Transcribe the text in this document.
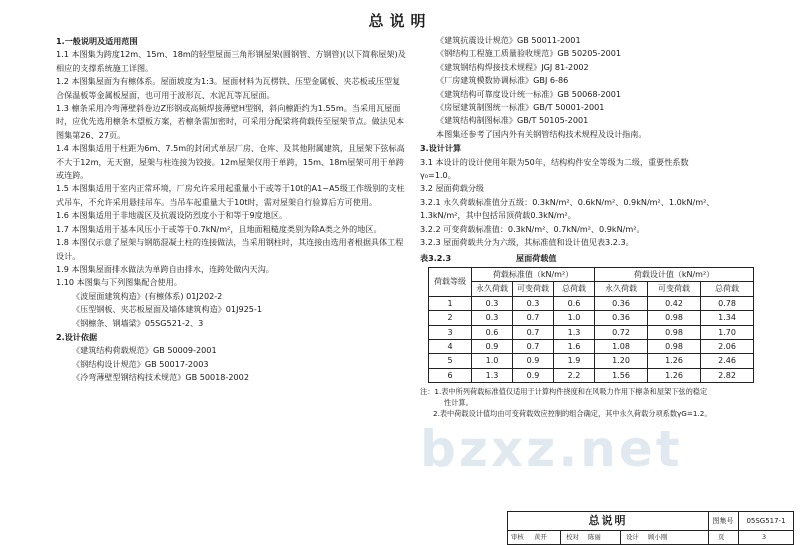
总说明

1.一般说明及适用范围

1.1 本图集为跨度12m、15m、18m的轻型屋面三角形钢屋架(圆钢管、方钢管)(以下简称屋架)及相应的支撑系统施工详图。

1.2 本图集屋面为有檩体系。屋面坡度为1:3。屋面材料为瓦楞铁、压型金属板、夹芯板或压型复合保温板等金属板屋面，也可用于波形瓦、水泥瓦等瓦屋面。

1.3 檩条采用冷弯薄壁斜卷边Z形钢或高频焊接薄壁H型钢，斜向檩距约为1.55m。当采用瓦屋面时，应优先选用檩条木望板方案，若檩条需加密时，可采用分配梁将荷载传至屋架节点。做法见本图集第26、27页。

1.4 本图集适用于柱距为6m、7.5m的封闭式单层厂房、仓库、及其他附属建筑，且屋架下弦标高不大于12m，无天窗，屋架与柱连接为铰接。12m屋架仅用于单跨，15m、18m屋架可用于单跨或连跨。

1.5 本图集适用于室内正常环境，厂房允许采用起重量小于或等于10t的A1~A5级工作级别的支柱式吊车，不允许采用悬挂吊车。当吊车起重量大于10t时，需对屋架自行验算后方可使用。

1.6 本图集适用于非地震区及抗震设防烈度小于和等于9度地区。

1.7 本图集适用于基本风压小于或等于0.7kN/m²，且地面粗糙度类别为除A类之外的地区。

1.8 本图仅示意了屋架与钢筋混凝土柱的连接做法，当采用钢柱时，其连接由选用者根据具体工程设计。

1.9 本图集屋面排水做法为单跨自由排水，连跨处做内天沟。

1.10 本图集与下列图集配合使用。

《波屋面建筑构造》(有檩体系) 01J202-2

《压型钢板、夹芯板屋面及墙体建筑构造》01J925-1

《钢檩条、钢墙梁》05SG521-2、3

2.设计依据

《建筑结构荷载规范》GB 50009-2001

《钢结构设计规范》GB 50017-2003

《冷弯薄壁型钢结构技术规范》GB 50018-2002

《建筑抗震设计规范》GB 50011-2001

《钢结构工程施工质量验收规范》GB 50205-2001

《建筑钢结构焊接技术规程》JGJ 81-2002

《厂房建筑模数协调标准》GBJ 6-86

《建筑结构可靠度设计统一标准》GB 50068-2001

《房屋建筑制图统一标准》GB/T 50001-2001

《建筑结构制图标准》GB/T 50105-2001

本图集还参考了国内外有关钢管结构技术规程及设计指南。

3.设计计算

3.1 本设计的设计使用年限为50年，结构构件安全等级为二级，重要性系数

γ₀=1.0。

3.2 屋面荷载分级

3.2.1 永久荷载标准值分五级：0.3kN/m²、0.6kN/m²、0.9kN/m²、1.0kN/m²、

1.3kN/m²，其中包括吊顶荷载0.3kN/m²。

3.2.2 可变荷载标准值：0.3kN/m²、0.7kN/m²、0.9kN/m²。

3.2.3 屋面荷载共分为六级，其标准值和设计值见表3.2.3。

表3.2.3	屋面荷载值
荷载等级	荷载标准值（kN/m²）			荷载设计值（kN/m²）		
	永久荷载	可变荷载	总荷载	永久荷载	可变荷载	总荷载
1	0.3	0.3	0.6	0.36	0.42	0.78
2	0.3	0.7	1.0	0.36	0.98	1.34
3	0.6	0.7	1.3	0.72	0.98	1.70
4	0.9	0.7	1.6	1.08	0.98	2.06
5	1.0	0.9	1.9	1.20	1.26	2.46
6	1.3	0.9	2.2	1.56	1.26	2.82

注：1.表中所列荷载标准值仅适用于计算构件挠度和在风吸力作用下檩条和屋架下弦的稳定

性计算。

2.表中荷载设计值均由可变荷载效应控制的组合确定，其中永久荷载分项系数γG=1.2。

bzxz.net
总说明	图集号	05SG517-1
审核 黄开	校对 陈丽	设计 顾小刚	页	3
